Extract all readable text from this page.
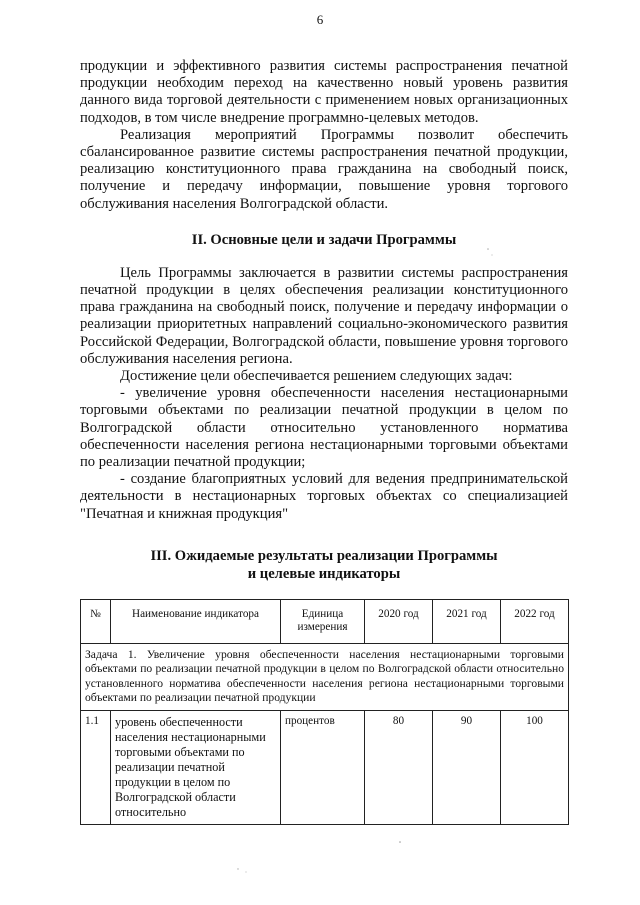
6

продукции и эффективного развития системы распространения печатной продукции необходим переход на качественно новый уровень развития данного вида торговой деятельности с применением новых организационных подходов, в том числе внедрение программно-целевых методов.

Реализация мероприятий Программы позволит обеспечить сбалансированное развитие системы распространения печатной продукции, реализацию конституционного права гражданина на свободный поиск, получение и передачу информации, повышение уровня торгового обслуживания населения Волгоградской области.

II. Основные цели и задачи Программы

Цель Программы заключается в развитии системы распространения печатной продукции в целях обеспечения реализации конституционного права гражданина на свободный поиск, получение и передачу информации о реализации приоритетных направлений социально-экономического развития Российской Федерации, Волгоградской области, повышение уровня торгового обслуживания населения региона.

Достижение цели обеспечивается решением следующих задач:

- увеличение уровня обеспеченности населения нестационарными торговыми объектами по реализации печатной продукции в целом по Волгоградской области относительно установленного норматива обеспеченности населения региона нестационарными торговыми объектами по реализации печатной продукции;

- создание благоприятных условий для ведения предпринимательской деятельности в нестационарных торговых объектах со специализацией "Печатная и книжная продукция"

III. Ожидаемые результаты реализации Программы
и целевые индикаторы
№	Наименование индикатора	Единица измерения	2020 год	2021 год	2022 год
Задача 1. Увеличение уровня обеспеченности населения нестационарными торговыми объектами по реализации печатной продукции в целом по Волгоградской области относительно установленного норматива обеспеченности населения региона нестационарными торговыми объектами по реализации печатной продукции					
1.1	уровень обеспеченности населения нестационарными торговыми объектами по реализации печатной продукции в целом по Волгоградской области относительно	процентов	80	90	100
